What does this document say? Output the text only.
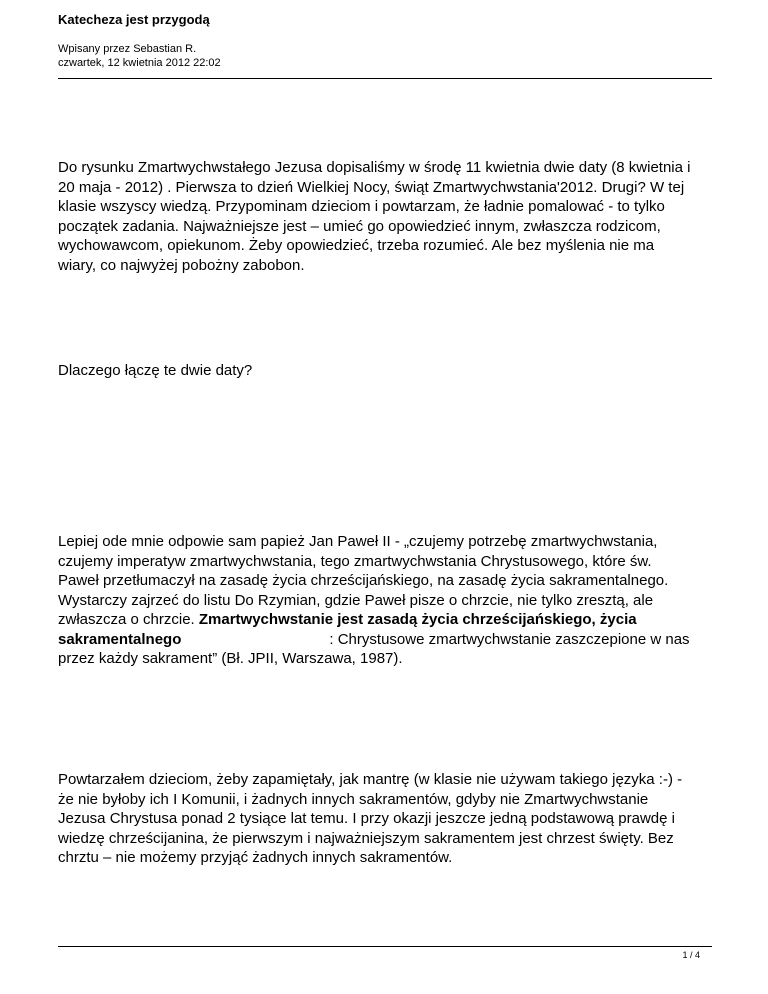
Katecheza jest przygodą
Wpisany przez Sebastian R.
czwartek, 12 kwietnia 2012 22:02

Do rysunku Zmartwychwstałego Jezusa dopisaliśmy w środę 11 kwietnia dwie daty (8 kwietnia i
20 maja - 2012) . Pierwsza to dzień Wielkiej Nocy, świąt Zmartwychwstania'2012. Drugi? W tej
klasie wszyscy wiedzą. Przypominam dzieciom i powtarzam, że ładnie pomalować - to tylko
początek zadania. Najważniejsze jest – umieć go opowiedzieć innym, zwłaszcza rodzicom,
wychowawcom, opiekunom. Żeby opowiedzieć, trzeba rozumieć. Ale bez myślenia nie ma
wiary, co najwyżej pobożny zabobon.

Dlaczego łączę te dwie daty?

Lepiej ode mnie odpowie sam papież Jan Paweł II - „czujemy potrzebę zmartwychwstania,
czujemy imperatyw zmartwychwstania, tego zmartwychwstania Chrystusowego, które św.
Paweł przetłumaczył na zasadę życia chrześcijańskiego, na zasadę życia sakramentalnego.
Wystarczy zajrzeć do listu Do Rzymian, gdzie Paweł pisze o chrzcie, nie tylko zresztą, ale
zwłaszcza o chrzcie. Zmartwychwstanie jest zasadą życia chrześcijańskiego, życia
sakramentalnego	: Chrystusowe zmartwychwstanie zaszczepione w nas
przez każdy sakrament” (Bł. JPII, Warszawa, 1987).

Powtarzałem dzieciom, żeby zapamiętały, jak mantrę (w klasie nie używam takiego języka :-) -
że nie byłoby ich I Komunii, i żadnych innych sakramentów, gdyby nie Zmartwychwstanie
Jezusa Chrystusa ponad 2 tysiące lat temu. I przy okazji jeszcze jedną podstawową prawdę i
wiedzę chrześcijanina, że pierwszym i najważniejszym sakramentem jest chrzest święty. Bez
chrztu – nie możemy przyjąć żadnych innych sakramentów.

1 / 4
